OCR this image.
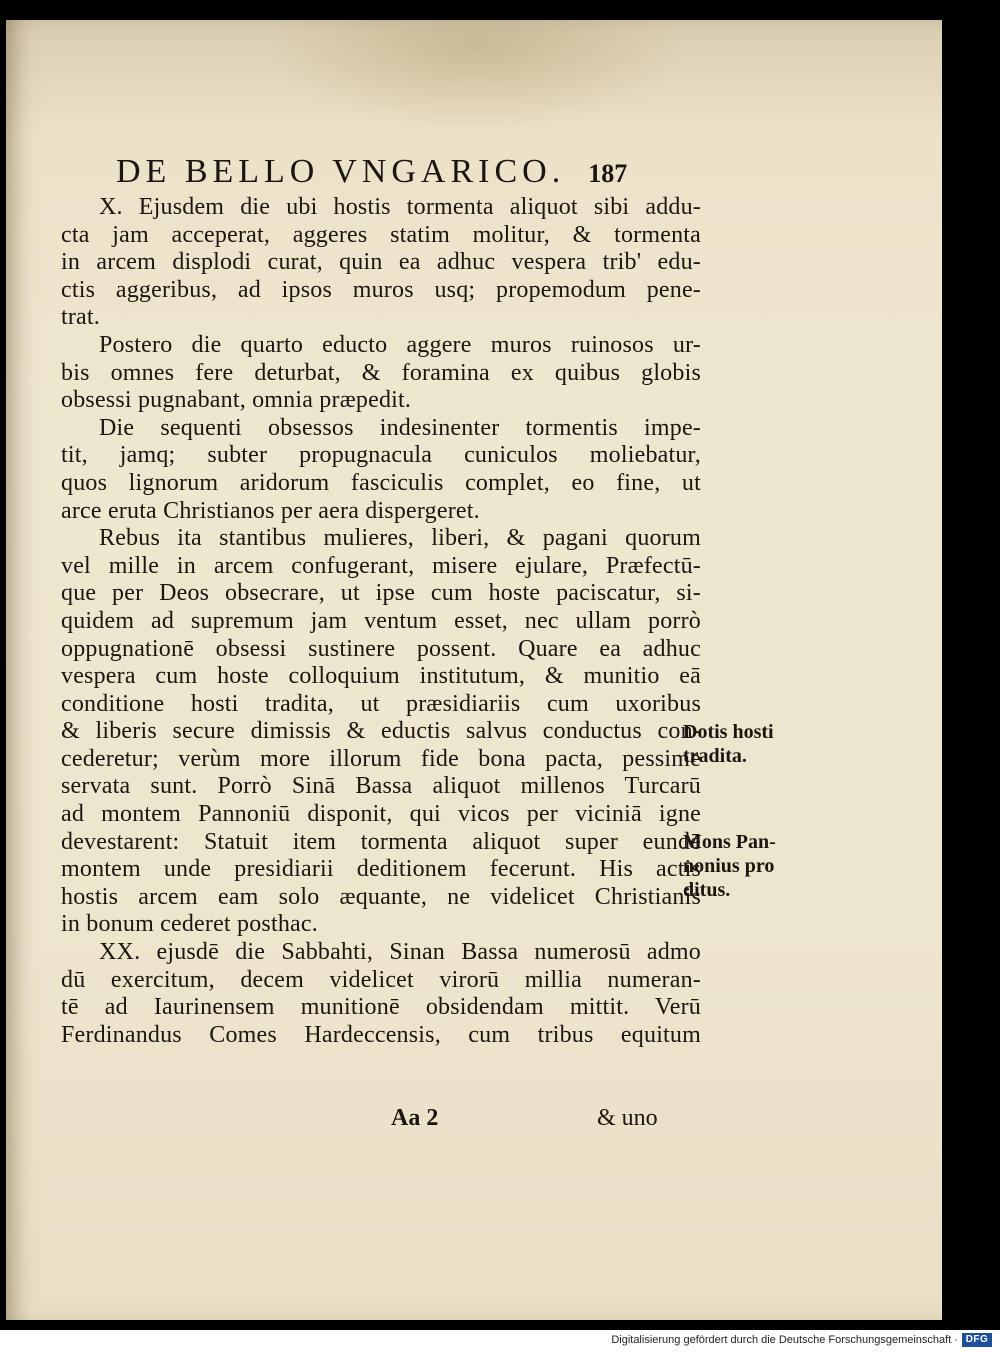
DE BELLO VNGARICO. 187
X. Ejusdem die ubi hostis tormenta aliquot sibi addu-
cta jam acceperat, aggeres statim molitur, & tormenta
in arcem displodi curat, quin ea adhuc vespera trib' edu-
ctis aggeribus, ad ipsos muros usq; propemodum pene-
trat.
Postero die quarto educto aggere muros ruinosos ur-
bis omnes fere deturbat, & foramina ex quibus globis
obsessi pugnabant, omnia præpedit.
Die sequenti obsessos indesinenter tormentis impe-
tit, jamq; subter propugnacula cuniculos moliebatur,
quos lignorum aridorum fasciculis complet, eo fine, ut
arce eruta Christianos per aera dispergeret.
Rebus ita stantibus mulieres, liberi, & pagani quorum
vel mille in arcem confugerant, misere ejulare, Præfectū-
que per Deos obsecrare, ut ipse cum hoste paciscatur, si-
quidem ad supremum jam ventum esset, nec ullam porrò
oppugnationē obsessi sustinere possent. Quare ea adhuc
vespera cum hoste colloquium institutum, & munitio eā
conditione hosti tradita, ut præsidiariis cum uxoribus
& liberis secure dimissis & eductis salvus conductus con-
cederetur; verùm more illorum fide bona pacta, pessime
servata sunt. Porrò Sinā Bassa aliquot millenos Turcarū
ad montem Pannoniū disponit, qui vicos per viciniā igne
devestarent: Statuit item tormenta aliquot super eundē
montem unde presidiarii deditionem fecerunt. His actis
hostis arcem eam solo æquante, ne videlicet Christianis
in bonum cederet posthac.
XX. ejusdē die Sabbahti, Sinan Bassa numerosū admo
dū exercitum, decem videlicet virorū millia numeran-
tē ad Iaurinensem munitionē obsidendam mittit. Verū
Ferdinandus Comes Hardeccensis, cum tribus equitum
Dotis hosti
tradita.
Mons Pan-
nonius pro
ditus.
Aa 2	& uno
Digitalisierung gefördert durch die Deutsche Forschungsgemeinschaft · DFG
